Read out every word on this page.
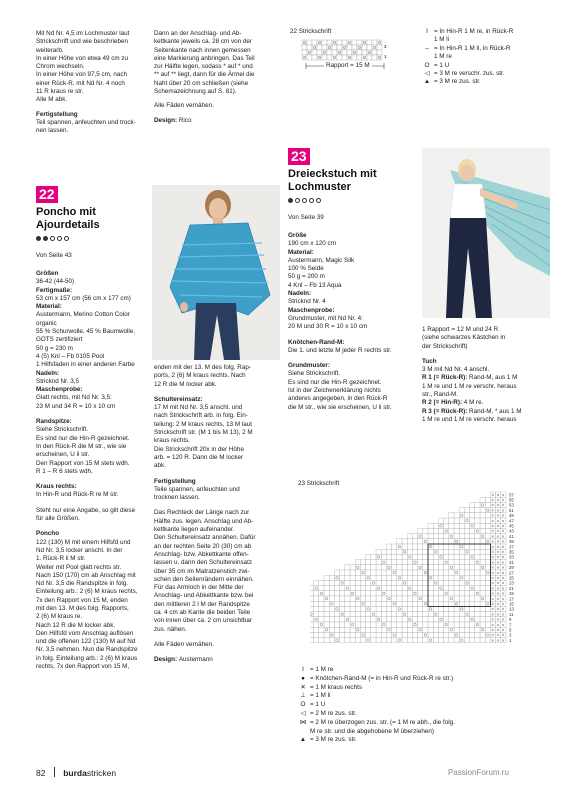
Mit Nd Nr. 4,5 im Lochmuster laut
Strickschrift und wie beschrieben
weiterarb.
In einer Höhe von etwa 49 cm zu
Chrom wechseln.
In einer Höhe von 97,5 cm, nach
einer Rück-R, mit Nd Nr. 4 noch
11 R kraus re str.
Alle M abk.
Fertigstellung
Teil spannen, anfeuchten und trock-
nen lassen.
Dann an der Anschlag- und Ab-
kettkante jeweils ca. 28 cm von der
Seitenkante nach innen gemessen
eine Markierung anbringen. Das Teil
zur Hälfte legen, sodass * auf * und
** auf ** liegt, dann für die Ärmel die
Naht über 20 cm schließen (siehe
Schemazeichnung auf S. 81).
Alle Fäden vernähen.
Design: Rico
22 Strickschrift
3
1
Rapport = 15 M
I = In Hin-R 1 M re, in Rück-R
1 M li
– = In Hin-R 1 M li, in Rück-R
1 M re
O = 1 U
◁ = 3 M re verschr. zus. str.
▲ = 3 M re zus. str.
22
Poncho mit
Ajourdetails
Von Seite 43
Größen
36-42 (44-50)
Fertigmaße:
53 cm x 157 cm (56 cm x 177 cm)
Material:
Austermann, Merino Cotton Color
organic
55 % Schurwolle, 45 % Baumwolle,
GOTS zertifiziert
50 g = 230 m
4 (5) Knl – Fb 0105 Pool
1 Hilfsfaden in einer anderen Farbe
Nadeln:
Stricknd Nr. 3,5
Maschenprobe:
Glatt rechts, mit Nd Nr. 3,5:
23 M und 34 R = 10 x 10 cm
Randspitze:
Siehe Strickschrift.
Es sind nur die Hin-R gezeichnet.
In den Rück-R die M str., wie sie
erscheinen, U li str.
Den Rapport von 15 M stets wdh.
R 1 – R 6 stets wdh.
Kraus rechts:
In Hin-R und Rück-R re M str.
Steht nur eine Angabe, so gilt diese
für alle Größen.
Poncho
122 (130) M mit einem Hilfsfd und
Nd Nr. 3,5 locker anschl. In der
1. Rück-R li M str.
Weiter mit Pool glatt rechts str.
Nach 150 (170) cm ab Anschlag mit
Nd Nr. 3,5 die Randspitze in folg.
Einteilung arb.: 2 (6) M kraus rechts,
7x den Rapport von 15 M, enden
mit den 13. M des folg. Rapports,
2 (6) M kraus re.
Nach 12 R die M locker abk.
Den Hilfsfd vom Anschlag auflösen
und die offenen 122 (130) M auf Nd
Nr. 3,5 nehmen. Nun die Randspitze
in folg. Einteilung arb.: 2 (6) M kraus
rechts, 7x den Rapport von 15 M,
enden mit der 13. M des folg. Rap-
ports, 2 (6) M kraus rechts. Nach
12 R die M locker abk.
Schultereinsatz:
17 M mit Nd Nr. 3,5 anschl. und
nach Strickschrift arb. in folg. Ein-
teilung: 2 M kraus rechts, 13 M laut
Strickschrift str. (M 1 bis M 13), 2 M
kraus rechts.
Die Strickschrift 20x in der Höhe
arb. = 120 R. Dann die M locker
abk.
Fertigstellung
Teile spannen, anfeuchten und
trocknen lassen.
Das Rechteck der Länge nach zur
Hälfte zus. legen. Anschlag und Ab-
kettkante liegen aufeinander.
Den Schultereinsatz annähen. Dafür
an der rechten Seite 20 (30) cm ab
Anschlag- bzw. Abkettkante offen-
lassen u. dann den Schultereinsatz
über 35 cm im Matratzenstich zwi-
schen den Seitenrändern einnähen.
Für das Armloch in der Mitte der
Anschlag- und Abkettkante bzw. bei
den mittleren 2 l M der Randspitze
ca. 4 cm ab Kante die beiden Teile
von innen über ca. 2 cm unsichtbar
zus. nähen.
Alle Fäden vernähen.
Design: Austermann
23
Dreieckstuch mit
Lochmuster
Von Seite 39
Größe
190 cm x 120 cm
Material:
Austermann, Magic Silk
100 % Seide
50 g = 200 m
4 Knl – Fb 13 Aqua
Nadeln:
Stricknd Nr. 4
Maschenprobe:
Grundmuster, mit Nd Nr. 4:
20 M und 30 R = 10 x 10 cm
Knötchen-Rand-M:
Die 1. und letzte M jeder R rechts str.
Grundmuster:
Siehe Strickschrift.
Es sind nur die Hin-R gezeichnet.
Ist in der Zeichenerklärung nichts
anderes angegeben, in den Rück-R
die M str., wie sie erscheinen, U li str.
1 Rapport = 12 M und 24 R
(siehe schwarzes Kästchen in
der Strickschrift)
Tuch
3 M mit Nd Nr. 4 anschl.
R 1 (= Rück-R): Rand-M, aus 1 M
1 M re und 1 M re verschr. heraus
str., Rand-M.
R 2 (= Hin-R): 4 M re.
R 3 (= Rück-R): Rand-M, * aus 1 M
1 M re und 1 M re verschr. heraus
23 Strickschrift
×
×
×
×
×
×
×
×
×
×
×
×
×
×
×
×
×
×
×
×
×
×
×
×
×
×
×
×
×
×
×
×
×
×
×
×
×
×
×
×
×
×
×
×
×
×
×
×
×
×
×
×
×
×
×
×
×
×
×
×
×
×
×
×
×
×
×
×
×
×
×
×
×
×
×
×
×
×
×
×
×
×
×
×
×
×
×
57
55
53
51
49
47
45
43
41
39
37
35
33
31
29
27
25
23
21
19
17
15
13
11
9
7
5
3
1
I = 1 M re
● = Knötchen-Rand-M (= in Hin-R und Rück-R re str.)
✕ = 1 M kraus rechts
⊥ = 1 M li
O = 1 U
◁ = 2 M re zus. str.
⋈ = 2 M re überzogen zus. str. (= 1 M re abh., die folg.
M re str. und die abgehobene M überziehen)
▲ = 3 M re zus. str.
82 burdastricken	PassionForum.ru
